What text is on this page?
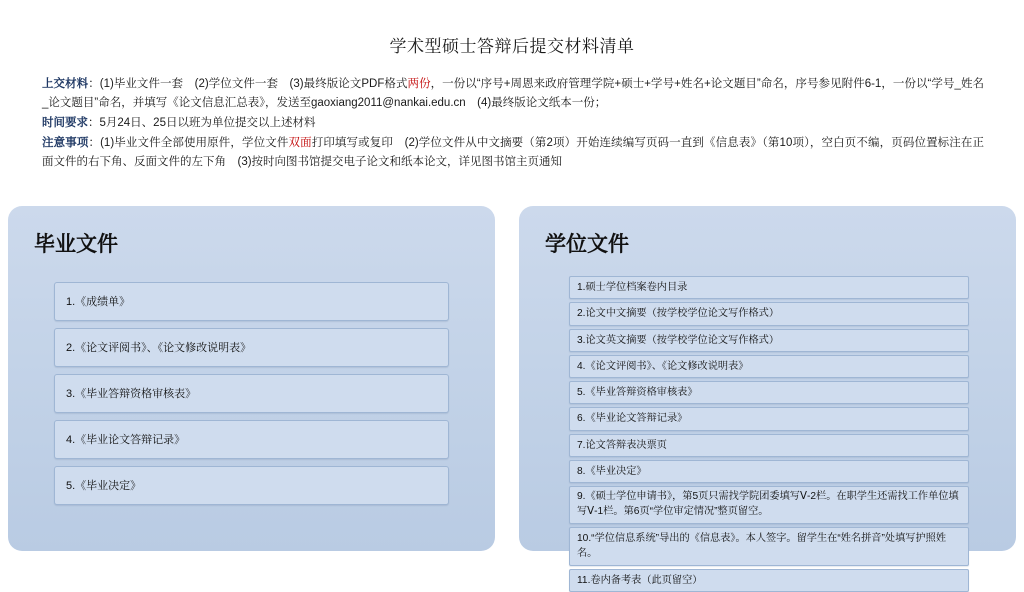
学术型硕士答辩后提交材料清单

上交材料：(1)毕业文件一套　(2)学位文件一套　(3)最终版论文PDF格式两份，一份以“序号+周恩来政府管理学院+硕士+学号+姓名+论文题目”命名，序号参见附件6-1，一份以“学号_姓名_论文题目”命名，并填写《论文信息汇总表》，发送至gaoxiang2011@nankai.edu.cn　(4)最终版论文纸本一份；

时间要求：5月24日、25日以班为单位提交以上述材料

注意事项：(1)毕业文件全部使用原件，学位文件双面打印填写或复印　(2)学位文件从中文摘要（第2项）开始连续编写页码一直到《信息表》（第10项），空白页不编，页码位置标注在正面文件的右下角、反面文件的左下角　(3)按时向图书馆提交电子论文和纸本论文，详见图书馆主页通知

毕业文件
1.《成绩单》
2.《论文评阅书》、《论文修改说明表》
3.《毕业答辩资格审核表》
4.《毕业论文答辩记录》
5.《毕业决定》
学位文件
1.硕士学位档案卷内目录
2.论文中文摘要（按学校学位论文写作格式）
3.论文英文摘要（按学校学位论文写作格式）
4.《论文评阅书》、《论文修改说明表》
5.《毕业答辩资格审核表》
6.《毕业论文答辩记录》
7.论文答辩表决票页
8.《毕业决定》
9.《硕士学位申请书》，第5页只需找学院团委填写Ⅴ-2栏。在职学生还需找工作单位填写Ⅴ-1栏。第6页“学位审定情况”整页留空。
10.“学位信息系统”导出的《信息表》。本人签字。留学生在“姓名拼音”处填写护照姓名。
11.卷内备考表（此页留空）
